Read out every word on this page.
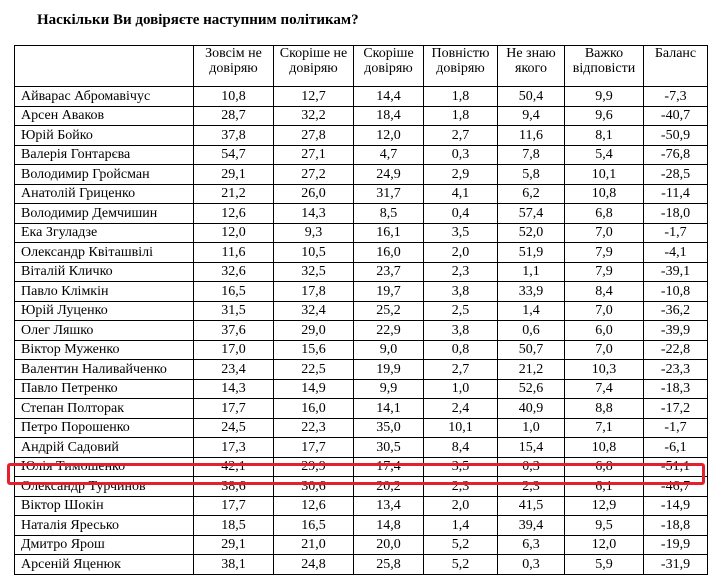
Наскільки Ви довіряєте наступним політикам?
	Зовсім не довіряю	Скоріше не довіряю	Скоріше довіряю	Повністю довіряю	Не знаю якого	Важко відповісти	Баланс
Айварас Абромавічус	10,8	12,7	14,4	1,8	50,4	9,9	-7,3
Арсен Аваков	28,7	32,2	18,4	1,8	9,4	9,6	-40,7
Юрій Бойко	37,8	27,8	12,0	2,7	11,6	8,1	-50,9
Валерія Гонтарєва	54,7	27,1	4,7	0,3	7,8	5,4	-76,8
Володимир Гройсман	29,1	27,2	24,9	2,9	5,8	10,1	-28,5
Анатолій Гриценко	21,2	26,0	31,7	4,1	6,2	10,8	-11,4
Володимир Демчишин	12,6	14,3	8,5	0,4	57,4	6,8	-18,0
Ека Згуладзе	12,0	9,3	16,1	3,5	52,0	7,0	-1,7
Олександр Квіташвілі	11,6	10,5	16,0	2,0	51,9	7,9	-4,1
Віталій Кличко	32,6	32,5	23,7	2,3	1,1	7,9	-39,1
Павло Клімкін	16,5	17,8	19,7	3,8	33,9	8,4	-10,8
Юрій Луценко	31,5	32,4	25,2	2,5	1,4	7,0	-36,2
Олег Ляшко	37,6	29,0	22,9	3,8	0,6	6,0	-39,9
Віктор Муженко	17,0	15,6	9,0	0,8	50,7	7,0	-22,8
Валентин Наливайченко	23,4	22,5	19,9	2,7	21,2	10,3	-23,3
Павло Петренко	14,3	14,9	9,9	1,0	52,6	7,4	-18,3
Степан Полторак	17,7	16,0	14,1	2,4	40,9	8,8	-17,2
Петро Порошенко	24,5	22,3	35,0	10,1	1,0	7,1	-1,7
Андрій Садовий	17,3	17,7	30,5	8,4	15,4	10,8	-6,1
Юлія Тимошенко	42,1	29,9	17,4	3,5	0,3	6,8	-51,1
Олександр Турчинов	38,6	30,6	20,2	2,3	2,3	6,1	-46,7
Віктор Шокін	17,7	12,6	13,4	2,0	41,5	12,9	-14,9
Наталія Яресько	18,5	16,5	14,8	1,4	39,4	9,5	-18,8
Дмитро Ярош	29,1	21,0	20,0	5,2	6,3	12,0	-19,9
Арсеній Яценюк	38,1	24,8	25,8	5,2	0,3	5,9	-31,9
